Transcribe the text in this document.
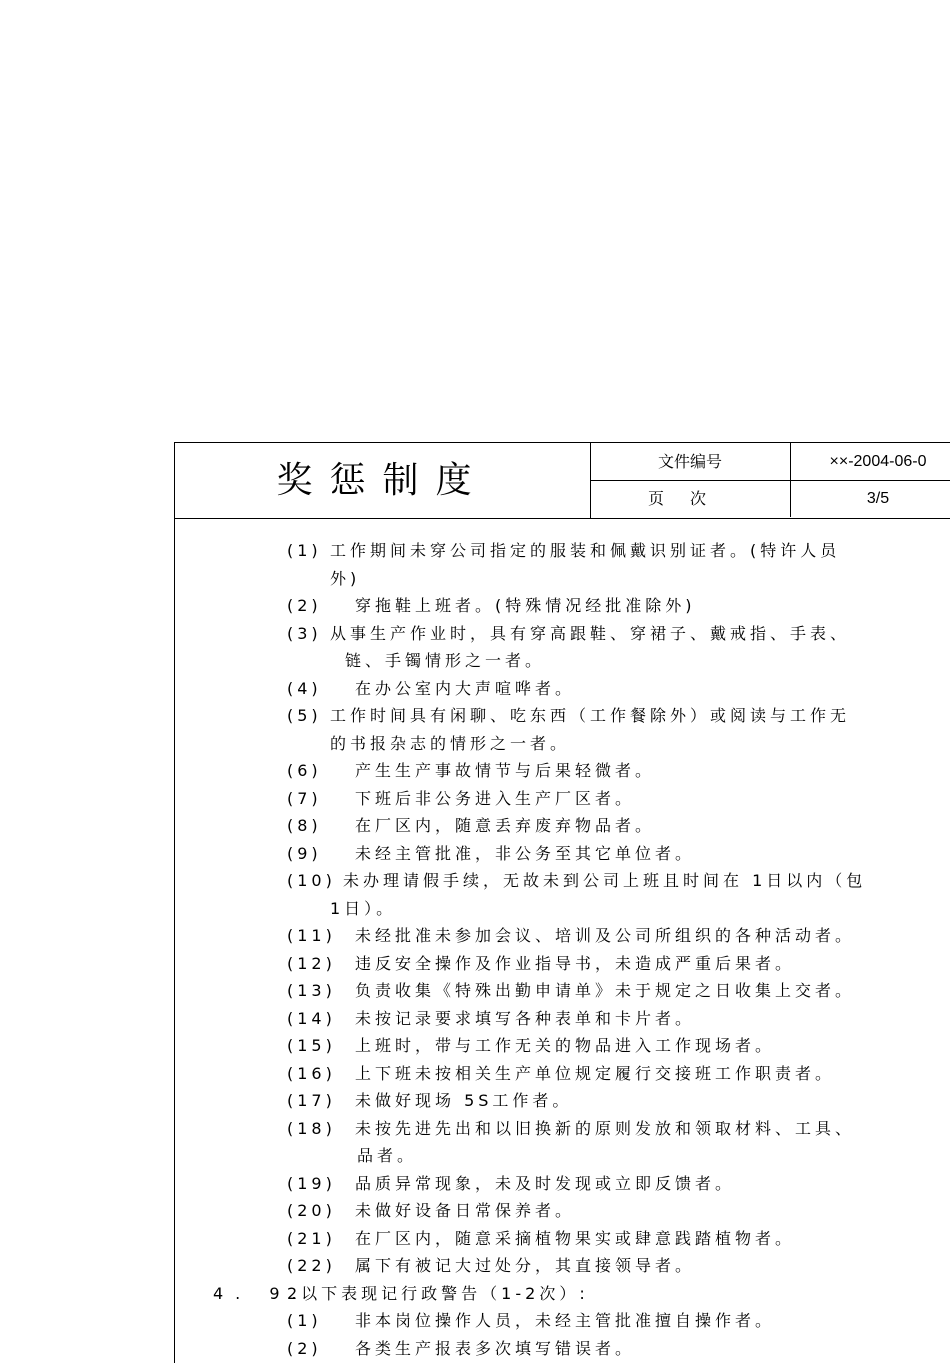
奖惩制度	文件编号	××-2004-06-0
页次	3/5
(1) 工作期间未穿公司指定的服装和佩戴识别证者。(特许人员
外)
(2) 穿拖鞋上班者。(特殊情况经批准除外)
(3) 从事生产作业时，具有穿高跟鞋、穿裙子、戴戒指、手表、
链、手镯情形之一者。
(4) 在办公室内大声喧哗者。
(5) 工作时间具有闲聊、吃东西（工作餐除外）或阅读与工作无
的书报杂志的情形之一者。
(6) 产生生产事故情节与后果轻微者。
(7) 下班后非公务进入生产厂区者。
(8) 在厂区内，随意丢弃废弃物品者。
(9) 未经主管批准，非公务至其它单位者。
(10) 未办理请假手续，无故未到公司上班且时间在 1日以内（包
1日）。
(11) 未经批准未参加会议、培训及公司所组织的各种活动者。
(12) 违反安全操作及作业指导书，未造成严重后果者。
(13) 负责收集《特殊出勤申请单》未于规定之日收集上交者。
(14) 未按记录要求填写各种表单和卡片者。
(15) 上班时，带与工作无关的物品进入工作现场者。
(16) 上下班未按相关生产单位规定履行交接班工作职责者。
(17) 未做好现场 5S工作者。
(18) 未按先进先出和以旧换新的原则发放和领取材料、工具、
品者。
(19) 品质异常现象，未及时发现或立即反馈者。
(20) 未做好设备日常保养者。
(21) 在厂区内，随意采摘植物果实或肆意践踏植物者。
(22) 属下有被记大过处分，其直接领导者。
4. 9.
2以下表现记行政警告（1-2次）:
(1) 非本岗位操作人员，未经主管批准擅自操作者。
(2) 各类生产报表多次填写错误者。
